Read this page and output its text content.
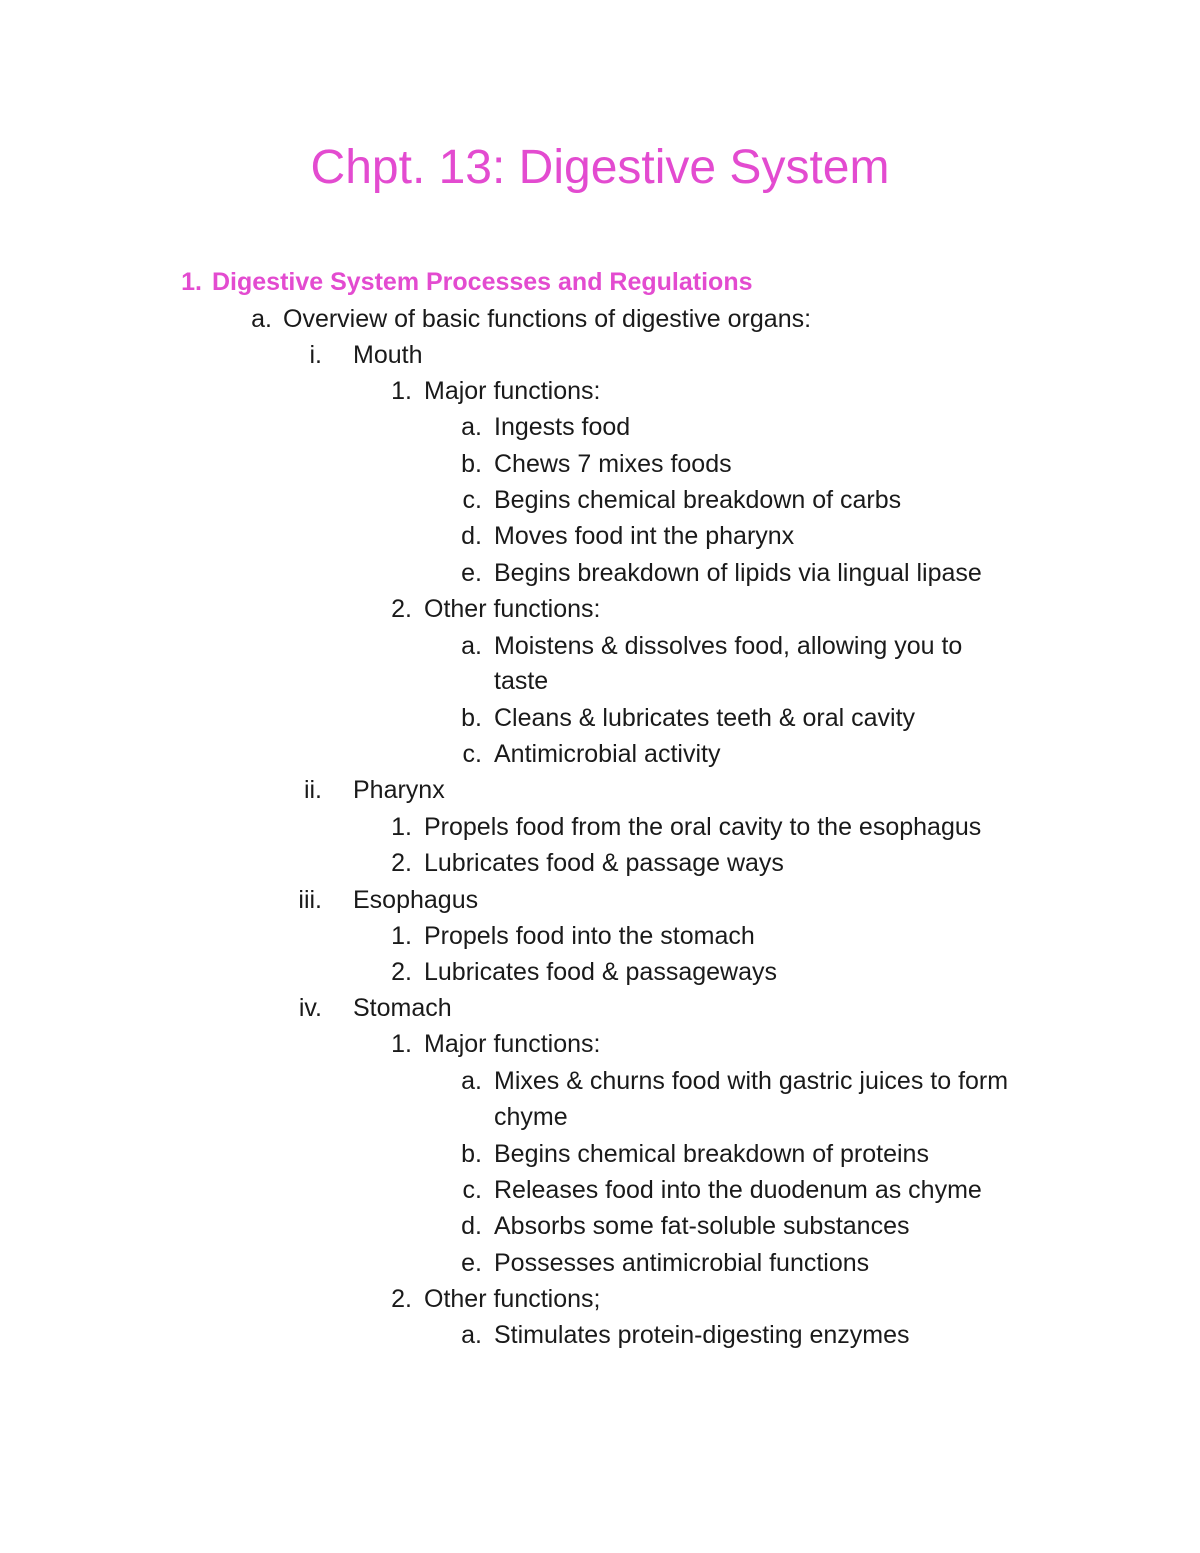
Chpt. 13: Digestive System
1. Digestive System Processes and Regulations
a. Overview of basic functions of digestive organs:
i. Mouth
1. Major functions:
a. Ingests food
b. Chews 7 mixes foods
c. Begins chemical breakdown of carbs
d. Moves food int the pharynx
e. Begins breakdown of lipids via lingual lipase
2. Other functions:
a. Moistens & dissolves food, allowing you to
taste
b. Cleans & lubricates teeth & oral cavity
c. Antimicrobial activity
ii. Pharynx
1. Propels food from the oral cavity to the esophagus
2. Lubricates food & passage ways
iii. Esophagus
1. Propels food into the stomach
2. Lubricates food & passageways
iv. Stomach
1. Major functions:
a. Mixes & churns food with gastric juices to form
chyme
b. Begins chemical breakdown of proteins
c. Releases food into the duodenum as chyme
d. Absorbs some fat-soluble substances
e. Possesses antimicrobial functions
2. Other functions;
a. Stimulates protein-digesting enzymes
